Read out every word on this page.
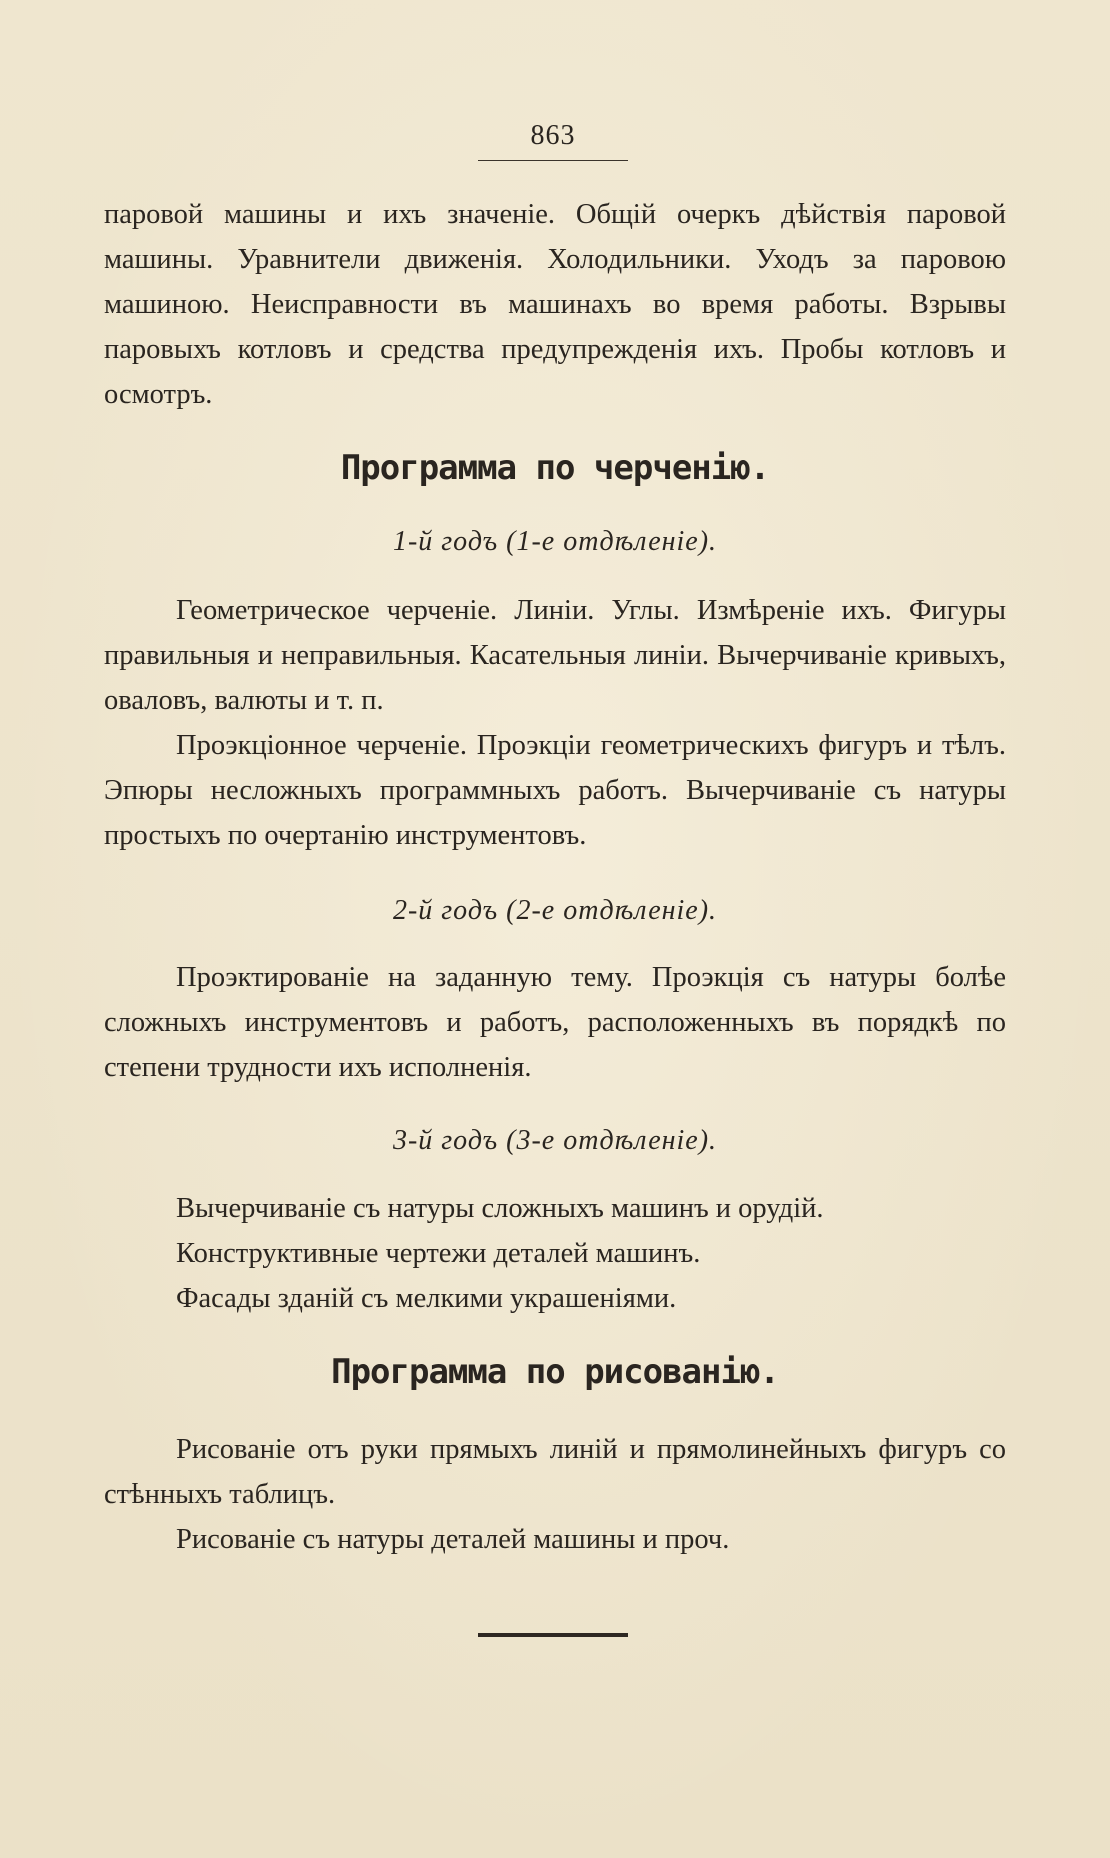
863

паровой машины и ихъ значеніе. Общій очеркъ дѣйствія паровой машины. Уравнители движенія. Холодильники. Уходъ за паровою машиною. Неисправности въ машинахъ во время работы. Взрывы паровыхъ котловъ и средства предупрежденія ихъ. Пробы котловъ и осмотръ.

Программа по черченію.
1-й годъ (1-е отдѣленіе).

Геометрическое черченіе. Линіи. Углы. Измѣреніе ихъ. Фигуры правильныя и неправильныя. Касательныя линіи. Вычерчиваніе кривыхъ, оваловъ, валюты и т. п.

Проэкціонное черченіе. Проэкціи геометрическихъ фигуръ и тѣлъ. Эпюры несложныхъ программныхъ работъ. Вычерчиваніе съ натуры простыхъ по очертанію инструментовъ.

2-й годъ (2-е отдѣленіе).

Проэктированіе на заданную тему. Проэкція съ натуры болѣе сложныхъ инструментовъ и работъ, расположенныхъ въ порядкѣ по степени трудности ихъ исполненія.

3-й годъ (3-е отдѣленіе).

Вычерчиваніе съ натуры сложныхъ машинъ и орудій.

Конструктивные чертежи деталей машинъ.

Фасады зданій съ мелкими украшеніями.

Программа по рисованію.

Рисованіе отъ руки прямыхъ линій и прямолинейныхъ фигуръ со стѣнныхъ таблицъ.

Рисованіе съ натуры деталей машины и проч.
